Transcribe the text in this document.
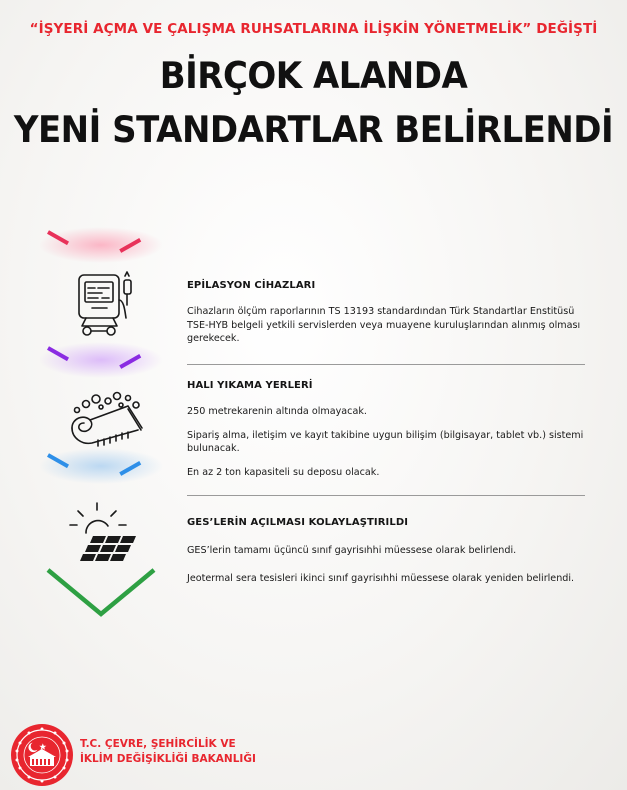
“İŞYERİ AÇMA VE ÇALIŞMA RUHSATLARINA İLİŞKİN YÖNETMELİK” DEĞİŞTİ
BİRÇOK ALANDA
YENİ STANDARTLAR BELİRLENDİ
EPİLASYON CİHAZLARI

Cihazların ölçüm raporlarının TS 13193 standardından Türk Standartlar Enstitüsü TSE-HYB belgeli yetkili servislerden veya muayene kuruluşlarından alınmış olması gerekecek.

HALI YIKAMA YERLERİ

250 metrekarenin altında olmayacak.

Sipariş alma, iletişim ve kayıt takibine uygun bilişim (bilgisayar, tablet vb.) sistemi bulunacak.

En az 2 ton kapasiteli su deposu olacak.

GES’LERİN AÇILMASI KOLAYLAŞTIRILDI

GES’lerin tamamı üçüncü sınıf gayrisıhhi müessese olarak belirlendi.

Jeotermal sera tesisleri ikinci sınıf gayrisıhhi müessese olarak yeniden belirlendi.

T.C. ÇEVRE, ŞEHİRCİLİK VE
İKLİM DEĞİŞİKLİĞİ BAKANLIĞI
